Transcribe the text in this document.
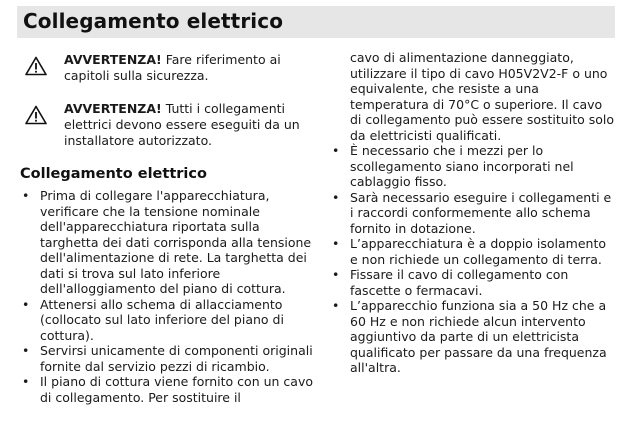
Collegamento elettrico
AVVERTENZA! Fare riferimento ai capitoli sulla sicurezza.
AVVERTENZA! Tutti i collegamenti elettrici devono essere eseguiti da un installatore autorizzato.
Collegamento elettrico
• Prima di collegare l'apparecchiatura, verificare che la tensione nominale dell'apparecchiatura riportata sulla targhetta dei dati corrisponda alla tensione dell'alimentazione di rete. La targhetta dei dati si trova sul lato inferiore dell'alloggiamento del piano di cottura.
• Attenersi allo schema di allacciamento (collocato sul lato inferiore del piano di cottura).
• Servirsi unicamente di componenti originali fornite dal servizio pezzi di ricambio.
• Il piano di cottura viene fornito con un cavo di collegamento. Per sostituire il
cavo di alimentazione danneggiato, utilizzare il tipo di cavo H05V2V2-F o uno equivalente, che resiste a una temperatura di 70°C o superiore. Il cavo di collegamento può essere sostituito solo da elettricisti qualificati.
• È necessario che i mezzi per lo scollegamento siano incorporati nel cablaggio fisso.
• Sarà necessario eseguire i collegamenti e i raccordi conformemente allo schema fornito in dotazione.
• L’apparecchiatura è a doppio isolamento e non richiede un collegamento di terra.
• Fissare il cavo di collegamento con fascette o fermacavi.
• L’apparecchio funziona sia a 50 Hz che a 60 Hz e non richiede alcun intervento aggiuntivo da parte di un elettricista qualificato per passare da una frequenza all'altra.
